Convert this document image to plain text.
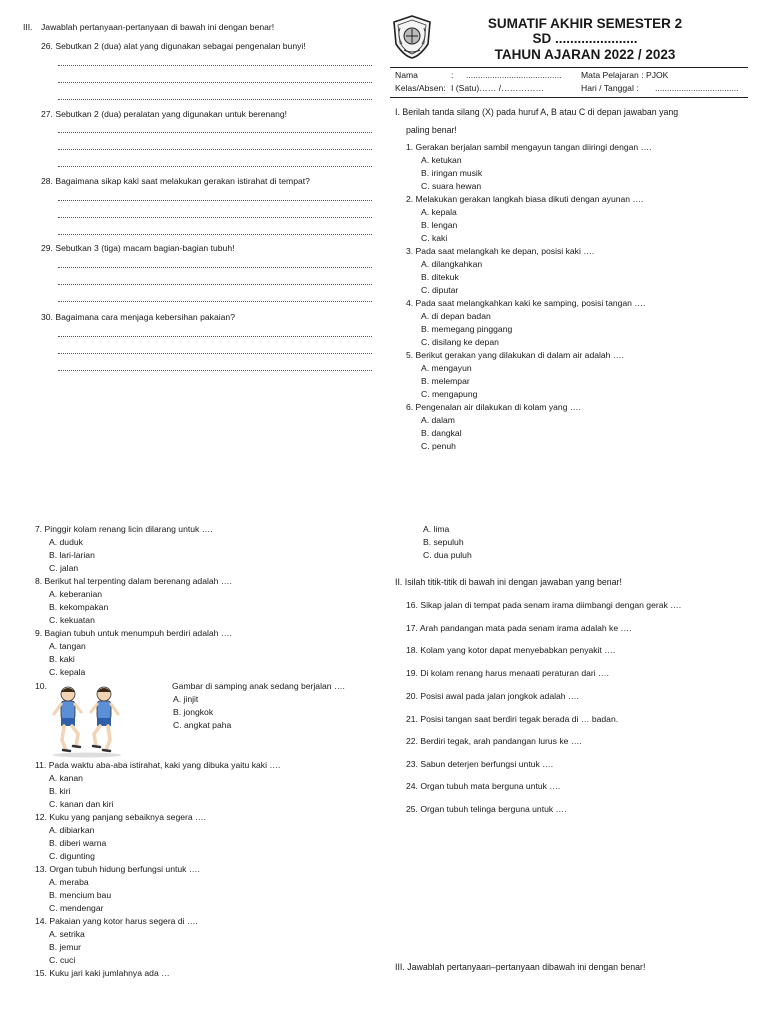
SUMATIF AKHIR SEMESTER 2
SD ......................
TAHUN AJARAN 2022 / 2023
Nama	: ........................................ Mata Pelajaran : PJOK
Kelas/Absen: I (Satu)…… /……………	Hari / Tanggal : ...................................
III. Jawablah pertanyaan-pertanyaan di bawah ini dengan benar!
26. Sebutkan 2 (dua) alat yang digunakan sebagai pengenalan bunyi!
27. Sebutkan 2 (dua) peralatan yang digunakan untuk berenang!
28. Bagaimana sikap kaki saat melakukan gerakan istirahat di tempat?
29. Sebutkan 3 (tiga) macam bagian-bagian tubuh!
30. Bagaimana cara menjaga kebersihan pakaian?
I. Berilah tanda silang (X) pada huruf A, B atau C di depan jawaban yang
paling benar!
1. Gerakan berjalan sambil mengayun tangan diiringi dengan ….
A. ketukan
B. iringan musik
C. suara hewan
2. Melakukan gerakan langkah biasa dikuti dengan ayunan ….
A. kepala
B. lengan
C. kaki
3. Pada saat melangkah ke depan, posisi kaki ….
A. dilangkahkan
B. ditekuk
C. diputar
4. Pada saat melangkahkan kaki ke samping, posisi tangan ….
A. di depan badan
B. memegang pinggang
C. disilang ke depan
5. Berikut gerakan yang dilakukan di dalam air adalah ….
A. mengayun
B. melempar
C. mengapung
6. Pengenalan air dilakukan di kolam yang ….
A. dalam
B. dangkal
C. penuh
7. Pinggir kolam renang licin dilarang untuk ….
A. duduk
B. lari-larian
C. jalan
8. Berikut hal terpenting dalam berenang adalah ….
A. keberanian
B. kekompakan
C. kekuatan
9. Bagian tubuh untuk menumpuh berdiri adalah ….
A. tangan
B. kaki
C. kepala
10.	Gambar di samping anak sedang berjalan ….
A. jinjit
B. jongkok
C. angkat paha
11. Pada waktu aba-aba istirahat, kaki yang dibuka yaitu kaki ….
A. kanan
B. kiri
C. kanan dan kiri
12. Kuku yang panjang sebaiknya segera ….
A. dibiarkan
B. diberi warna
C. digunting
13. Organ tubuh hidung berfungsi untuk ….
A. meraba
B. mencium bau
C. mendengar
14. Pakaian yang kotor harus segera di ….
A. setrika
B. jemur
C. cuci
15. Kuku jari kaki jumlahnya ada …
A. lima
B. sepuluh
C. dua puluh
II. Isilah titik-titik di bawah ini dengan jawaban yang benar!
16. Sikap jalan di tempat pada senam irama diimbangi dengan gerak ….
17. Arah pandangan mata pada senam irama adalah ke ….
18. Kolam yang kotor dapat menyebabkan penyakit ….
19. Di kolam renang harus menaati peraturan dari ….
20. Posisi awal pada jalan jongkok adalah ….
21. Posisi tangan saat berdiri tegak berada di … badan.
22. Berdiri tegak, arah pandangan lurus ke ….
23. Sabun deterjen berfungsi untuk ….
24. Organ tubuh mata berguna untuk ….
25. Organ tubuh telinga berguna untuk ….
III. Jawablah pertanyaan–pertanyaan dibawah ini dengan benar!
